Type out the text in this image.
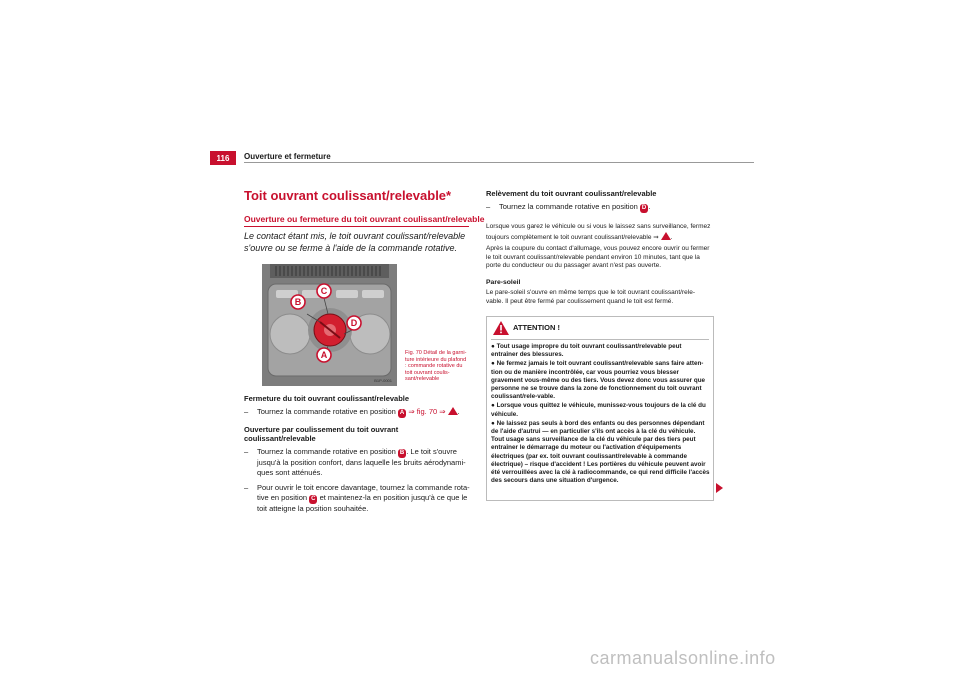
116	Ouverture et fermeture
Toit ouvrant coulissant/relevable*
Ouverture ou fermeture du toit ouvrant coulissant/relevable
Le contact étant mis, le toit ouvrant coulissant/relevable s'ouvre ou se ferme à l'aide de la commande rotative.
B
C
D
A
B1P-0001
Fig. 70 Détail de la garni-ture intérieure du plafond : commande rotative du toit ouvrant coulis-sant/relevable
Fermeture du toit ouvrant coulissant/relevable
– Tournez la commande rotative en position A ⇒ fig. 70 ⇒ .
Ouverture par coulissement du toit ouvrant coulissant/relevable
– Tournez la commande rotative en position B . Le toit s'ouvre jusqu'à la position confort, dans laquelle les bruits aérodynami-ques sont atténués.
– Pour ouvrir le toit encore davantage, tournez la commande rota-tive en position C et maintenez-la en position jusqu'à ce que le toit atteigne la position souhaitée.
Relèvement du toit ouvrant coulissant/relevable
– Tournez la commande rotative en position D .
Lorsque vous garez le véhicule ou si vous le laissez sans surveillance, fermez toujours complètement le toit ouvrant coulissant/relevable ⇒ .
Après la coupure du contact d'allumage, vous pouvez encore ouvrir ou fermer le toit ouvrant coulissant/relevable pendant environ 10 minutes, tant que la porte du conducteur ou du passager avant n'est pas ouverte.
Pare-soleil
Le pare-soleil s'ouvre en même temps que le toit ouvrant coulissant/rele-vable. Il peut être fermé par coulissement quand le toit est fermé.
ATTENTION !

● Tout usage impropre du toit ouvrant coulissant/relevable peut entraîner des blessures.

● Ne fermez jamais le toit ouvrant coulissant/relevable sans faire atten-tion ou de manière incontrôlée, car vous pourriez vous blesser gravement vous-même ou des tiers. Vous devez donc vous assurer que personne ne se trouve dans la zone de fonctionnement du toit ouvrant coulissant/rele-vable.

● Lorsque vous quittez le véhicule, munissez-vous toujours de la clé du véhicule.

● Ne laissez pas seuls à bord des enfants ou des personnes dépendant de l'aide d'autrui — en particulier s'ils ont accès à la clé du véhicule. Tout usage sans surveillance de la clé du véhicule par des tiers peut entraîner le démarrage du moteur ou l'activation d'équipements électriques (par ex. toit ouvrant coulissant/relevable à commande électrique) – risque d'accident ! Les portières du véhicule peuvent avoir été verrouillées avec la clé à radiocommande, ce qui rend difficile l'accès des secours dans une situation d'urgence.

carmanualsonline.info
